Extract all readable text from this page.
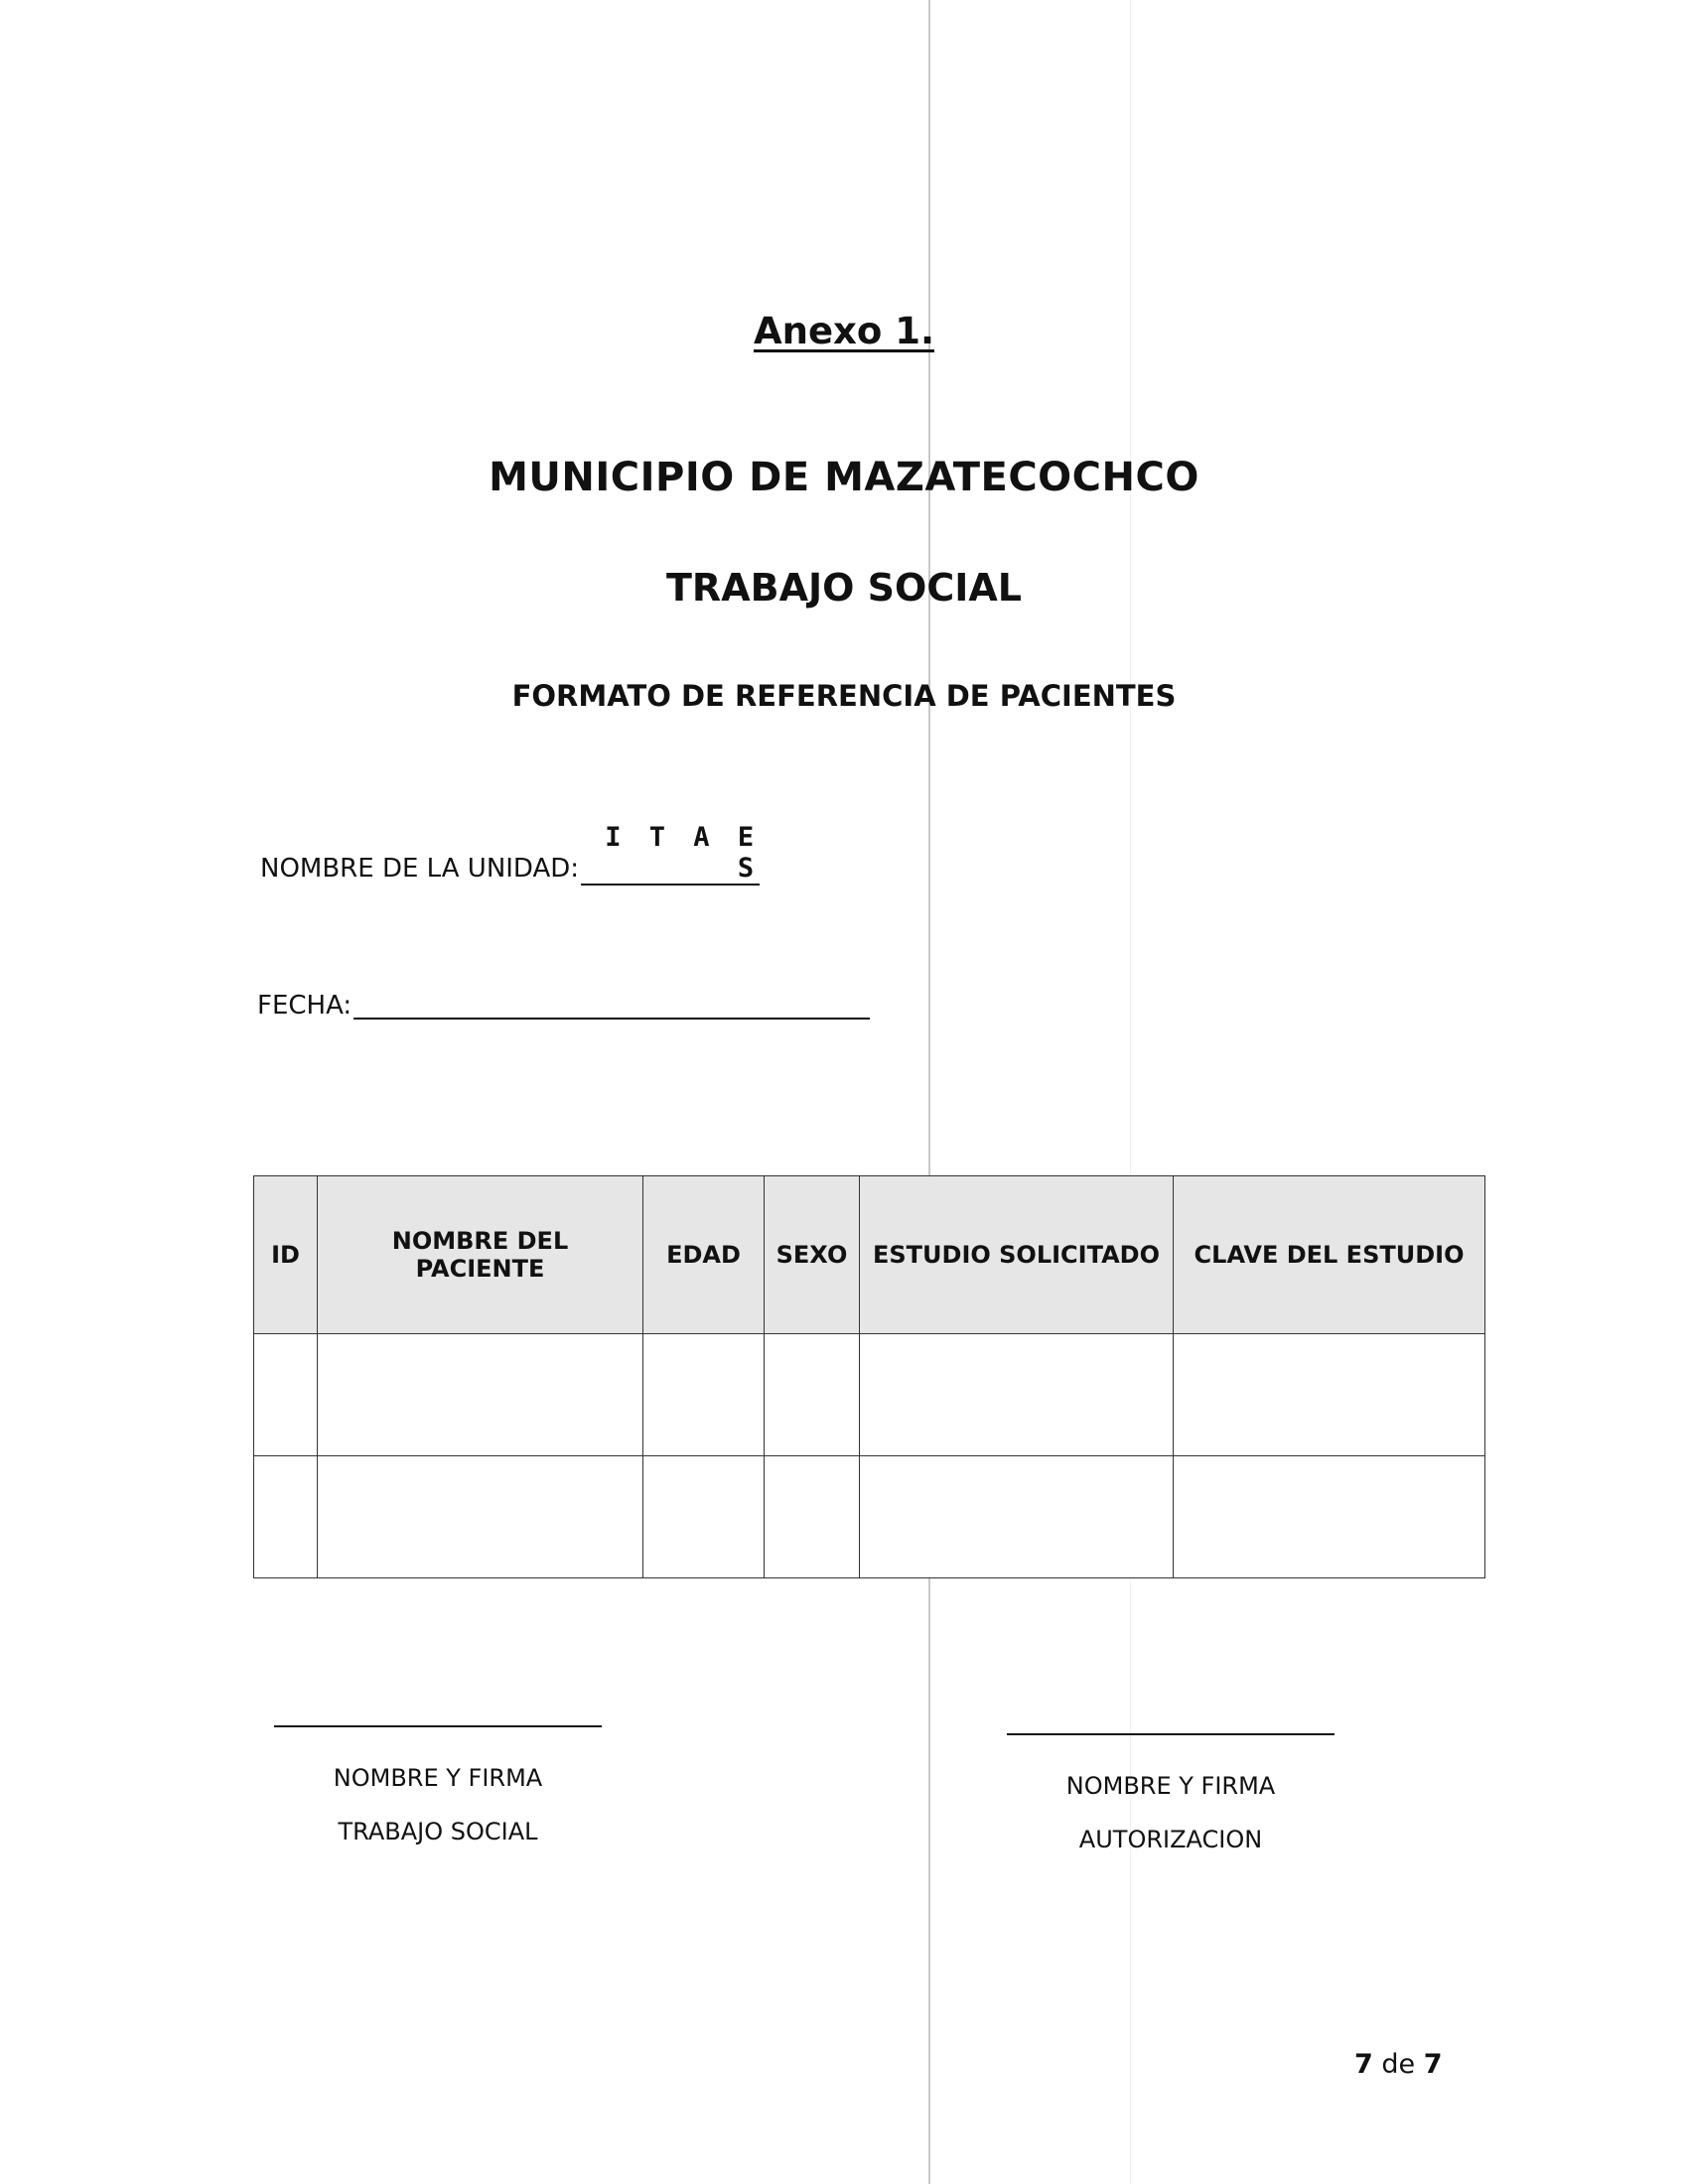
Anexo 1.
MUNICIPIO DE MAZATECOCHCO
TRABAJO SOCIAL
FORMATO DE REFERENCIA DE PACIENTES
NOMBRE DE LA UNIDAD:I T A E S
FECHA:
ID	NOMBRE DEL PACIENTE	EDAD	SEXO	ESTUDIO SOLICITADO	CLAVE DEL ESTUDIO

NOMBRE Y FIRMA
TRABAJO SOCIAL
NOMBRE Y FIRMA
AUTORIZACION
7 de 7
